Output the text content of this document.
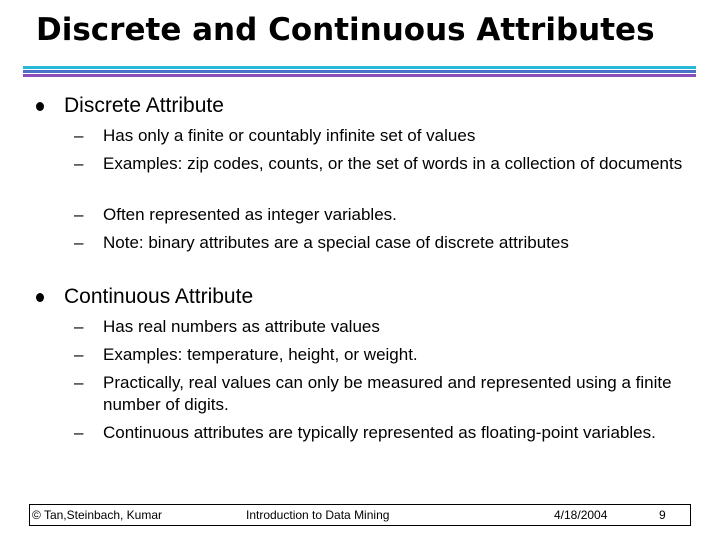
Discrete and Continuous Attributes
Discrete Attribute
– Has only a finite or countably infinite set of values
– Examples: zip codes, counts, or the set of words in a collection of documents
– Often represented as integer variables.
– Note: binary attributes are a special case of discrete attributes
Continuous Attribute
– Has real numbers as attribute values
– Examples: temperature, height, or weight.
– Practically, real values can only be measured and represented using a finite number of digits.
– Continuous attributes are typically represented as floating-point variables.
© Tan,Steinbach, Kumar	Introduction to Data Mining	4/18/2004	9
